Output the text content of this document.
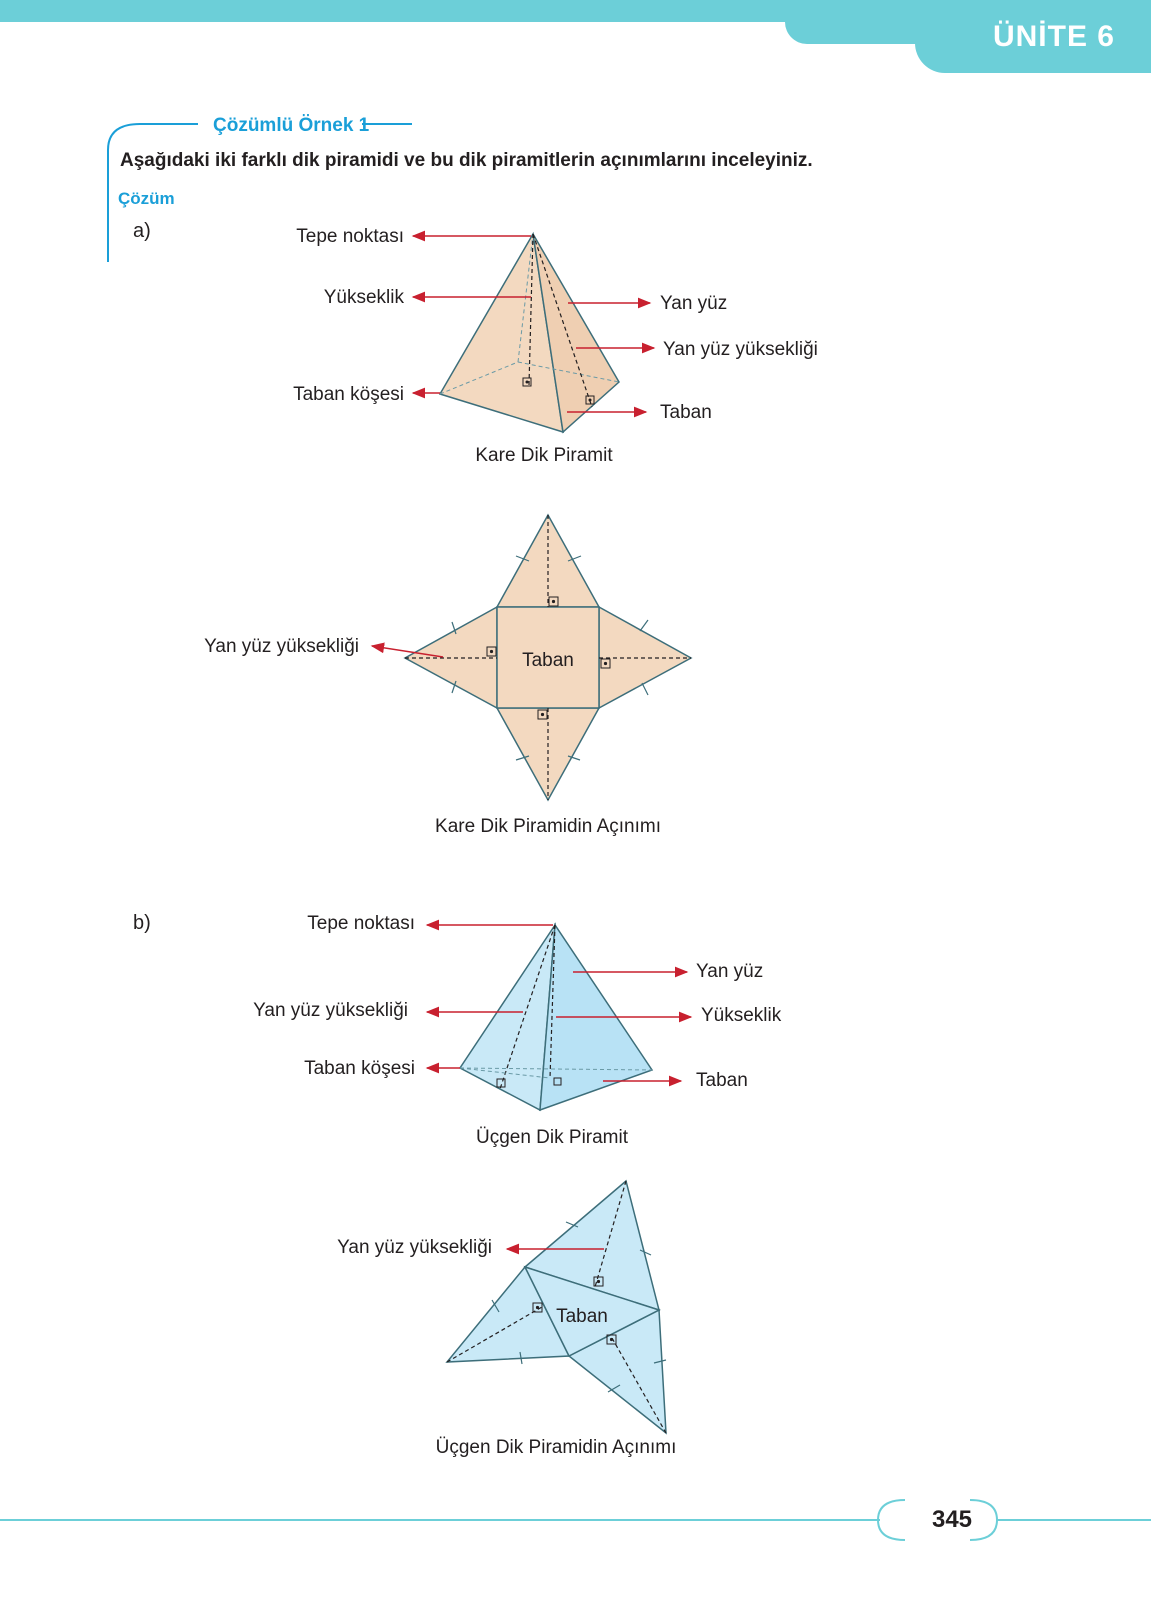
ÜNİTE 6
Çözümlü Örnek 1
Aşağıdaki iki farklı dik piramidi ve bu dik piramitlerin açınımlarını inceleyiniz.
Çözüm
a)
b)
Tepe noktası
Yükseklik
Taban köşesi
Yan yüz
Yan yüz yüksekliği
Taban
Kare Dik Piramit
Yan yüz yüksekliği
Taban
Kare Dik Piramidin Açınımı
Tepe noktası
Yan yüz yüksekliği
Taban köşesi
Yan yüz
Yükseklik
Taban
Üçgen Dik Piramit
Yan yüz yüksekliği
Taban
Üçgen Dik Piramidin Açınımı
345
